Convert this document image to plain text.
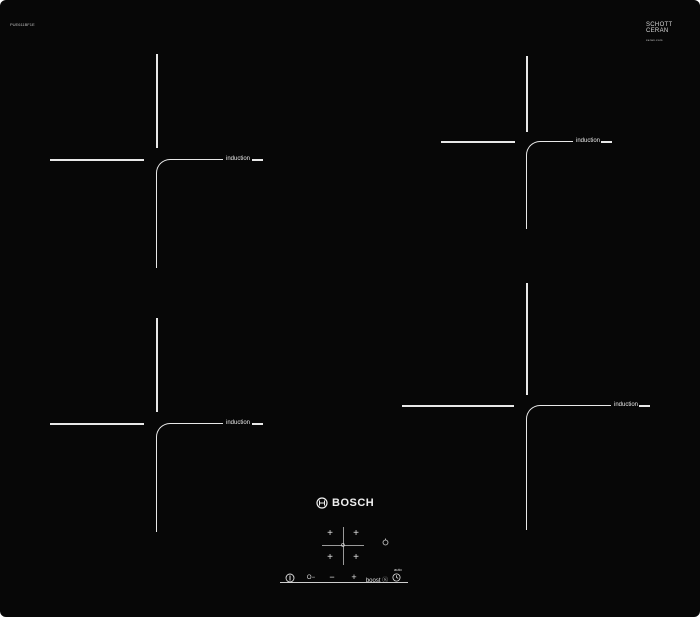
PUE611BF1E	SCHOTT
CERAN
ceran.com
induction
induction
induction
induction
BOSCH
+	+
+	+
o
auto
O−	−	+	boost Ⓢ
